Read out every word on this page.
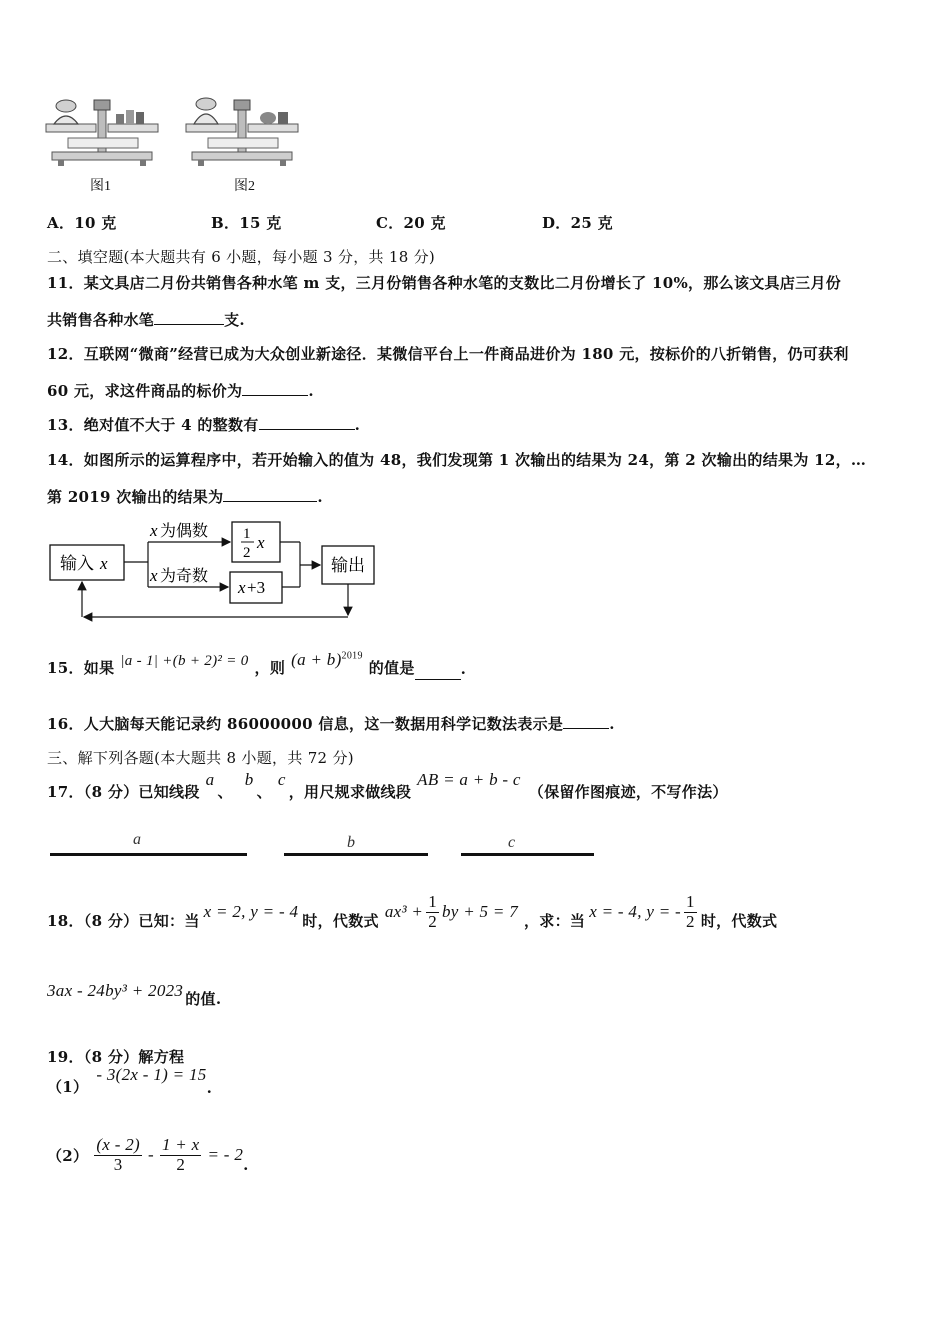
图1	图2
A．10 克	B．15 克	C．20 克	D．25 克
二、填空题(本大题共有 6 小题，每小题 3 分，共 18 分)
11．某文具店二月份共销售各种水笔 m 支，三月份销售各种水笔的支数比二月份增长了 10%，那么该文具店三月份
共销售各种水笔	支.
12．互联网“微商”经营已成为大众创业新途径．某微信平台上一件商品进价为 180 元，按标价的八折销售，仍可获利
60 元，求这件商品的标价为	.
13．绝对值不大于 4 的整数有	.
14．如图所示的运算程序中，若开始输入的值为 48，我们发现第 1 次输出的结果为 24，第 2 次输出的结果为 12，…
第 2019 次输出的结果为	.
输入 x
x 为偶数
x 为奇数
1
2
x
x +3
输出
15．如果 |a - 1| +(b + 2)² = 0 ，则 $(a + b)^{2019}$
的值是	.
16．人大脑每天能记录约 86000000 信息，这一数据用科学记数法表示是	.
三、解下列各题(本大题共 8 小题，共 72 分)
17．（8 分）已知线段
a
、
b
、
c
，用尺规求做线段
AB = a + b - c
（保留作图痕迹，不写作法）
a	b	c
18．（8 分）已知：当 x = 2, y = - 4 时，代数式 $ax^3 + \frac{1}{2}$ by + 5 = 7 ，求：当 x = - 4, y = - $\frac{1}{2}$ 时，代数式
3ax - 24by³ + 2023 的值.
19．（8 分）解方程
（1）
- 3(2x - 1) = 15
.
$(2) \frac{(x - 2)}{3} - \frac{1 + x}{2}$ = - 2
.
